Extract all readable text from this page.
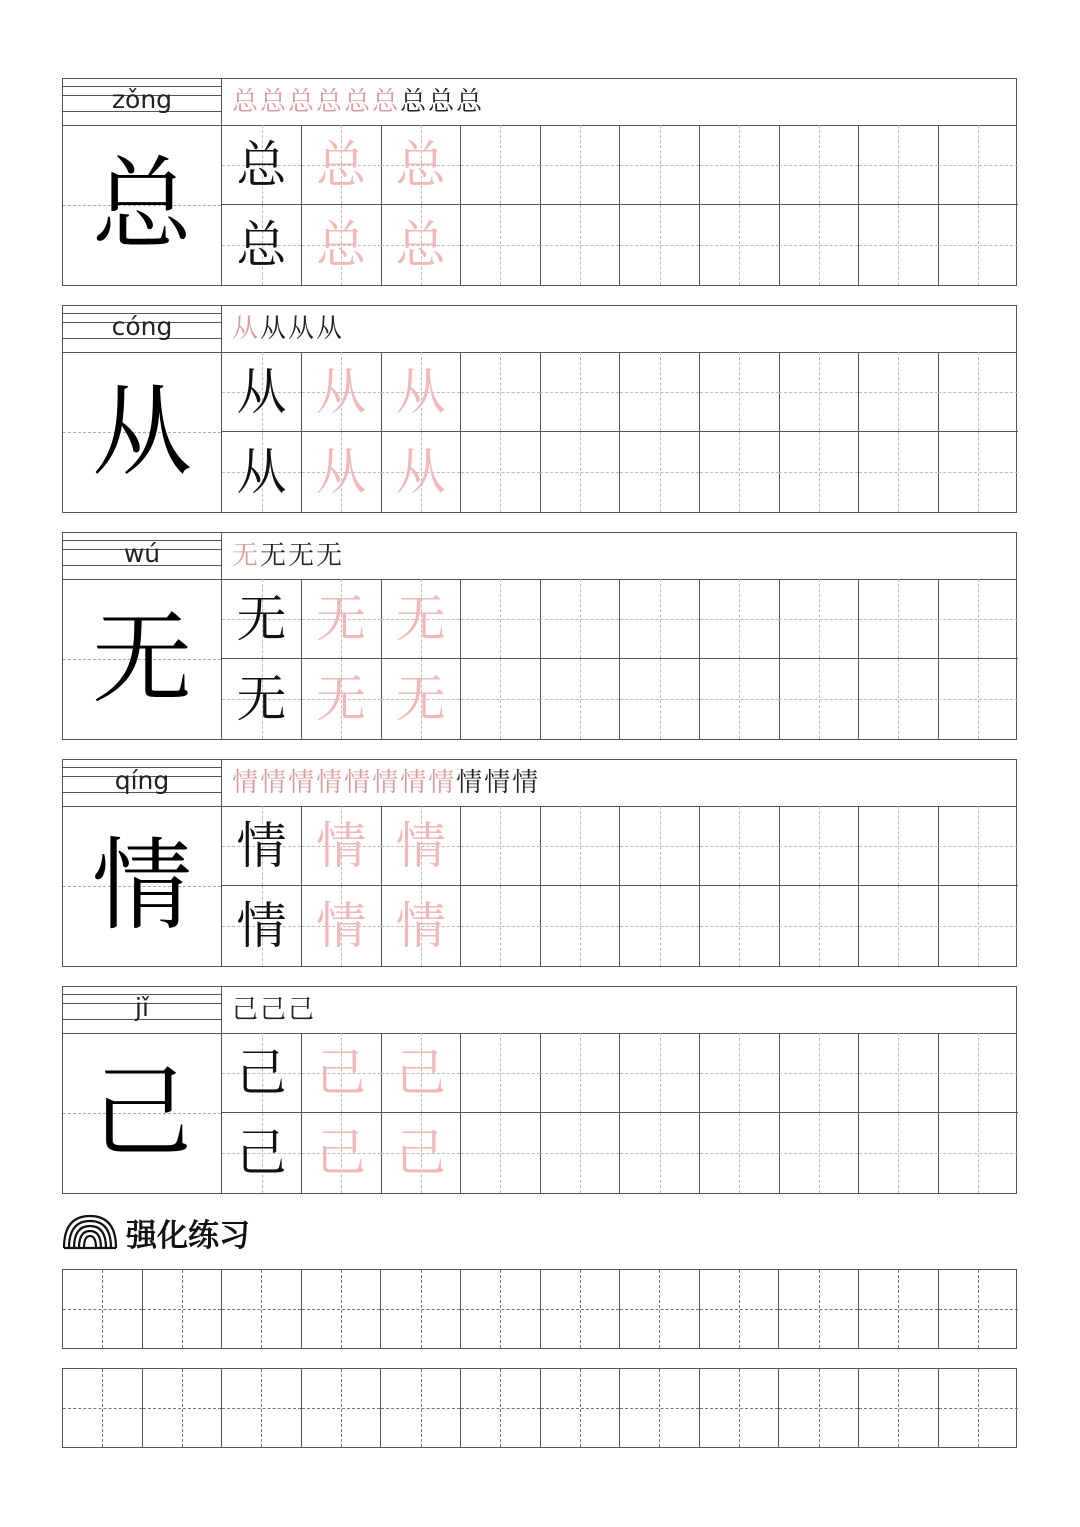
zǒng	总 总 总 总 总 总 总 总 总
总 总 总 总
总 总 总
cóng	从 从 从 从
从 从 从 从
从 从 从
wú	无 无 无 无
无 无 无 无
无 无 无
qíng	情 情 情 情 情 情 情 情 情 情 情
情 情 情 情
情 情 情
jǐ	己 己 己
己 己 己 己
己 己 己
强化练习
